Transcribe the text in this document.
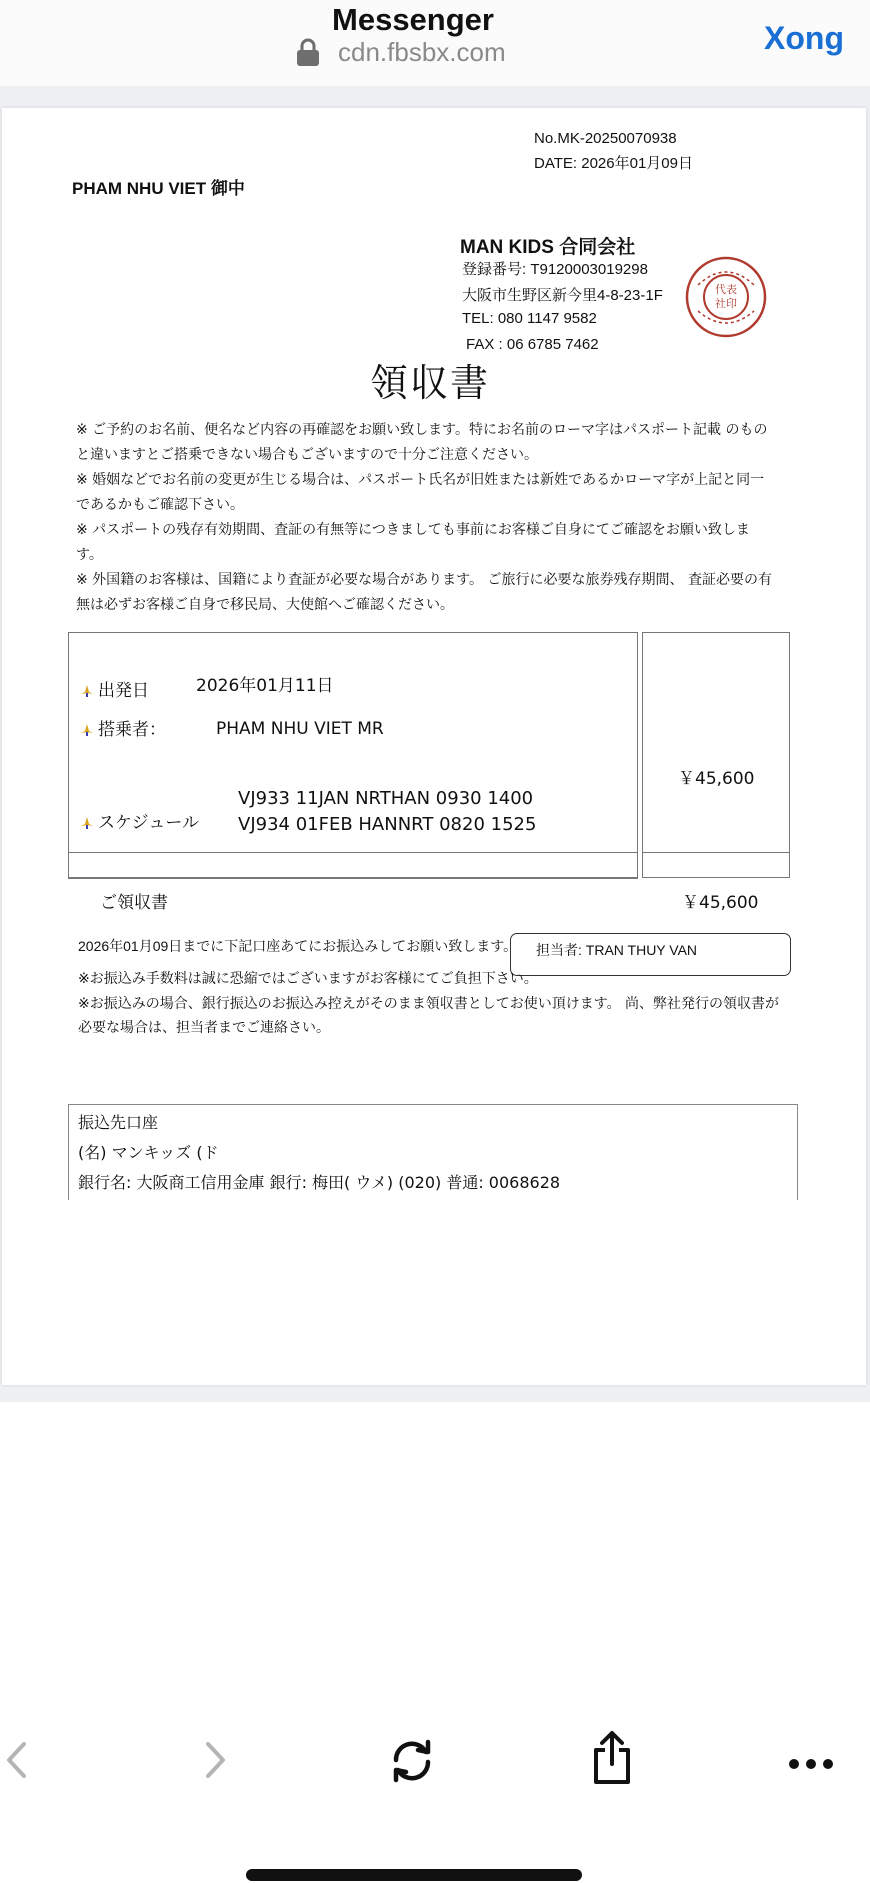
Messenger
cdn.fbsbx.com	Xong
No.MK-20250070938
DATE: 2026年01月09日
PHAM NHU VIET 御中
MAN KIDS 合同会社
登録番号: T9120003019298
大阪市生野区新今里4-8-23-1F
TEL: 080 1147 9582
FAX : 06 6785 7462
代表
社印
領収書
※ ご予約のお名前、便名など内容の再確認をお願い致します。特にお名前のローマ字はパスポート記載 のものと違いますとご搭乗できない場合もございますので十分ご注意ください。
※ 婚姻などでお名前の変更が生じる場合は、パスポート氏名が旧姓または新姓であるかローマ字が上記と同一であるかもご確認下さい。
※ パスポートの残存有効期間、査証の有無等につきましても事前にお客様ご自身にてご確認をお願い致します。
※ 外国籍のお客様は、国籍により査証が必要な場合があります。 ご旅行に必要な旅券残存期間、 査証必要の有無は必ずお客様ご自身で移民局、大使館へご確認ください。
出発日	2026年01月11日
搭乗者：	PHAM NHU VIET MR
スケジュール
VJ933 11JAN NRTHAN 0930 1400
VJ934 01FEB HANNRT 0820 1525
￥45,600
ご領収書	￥45,600
2026年01月09日までに下記口座あてにお振込みしてお願い致します。 担当者: TRAN THUY VAN
※お振込み手数料は誠に恐縮ではございますがお客様にてご負担下さい。
※お振込みの場合、銀行振込のお振込み控えがそのまま領収書としてお使い頂けます。 尚、弊社発行の領収書が必要な場合は、担当者までご連絡さい。
振込先口座
(名) マンキッズ (ド
銀行名: 大阪商工信用金庫 銀行: 梅田( ウメ) (020) 普通: 0068628
